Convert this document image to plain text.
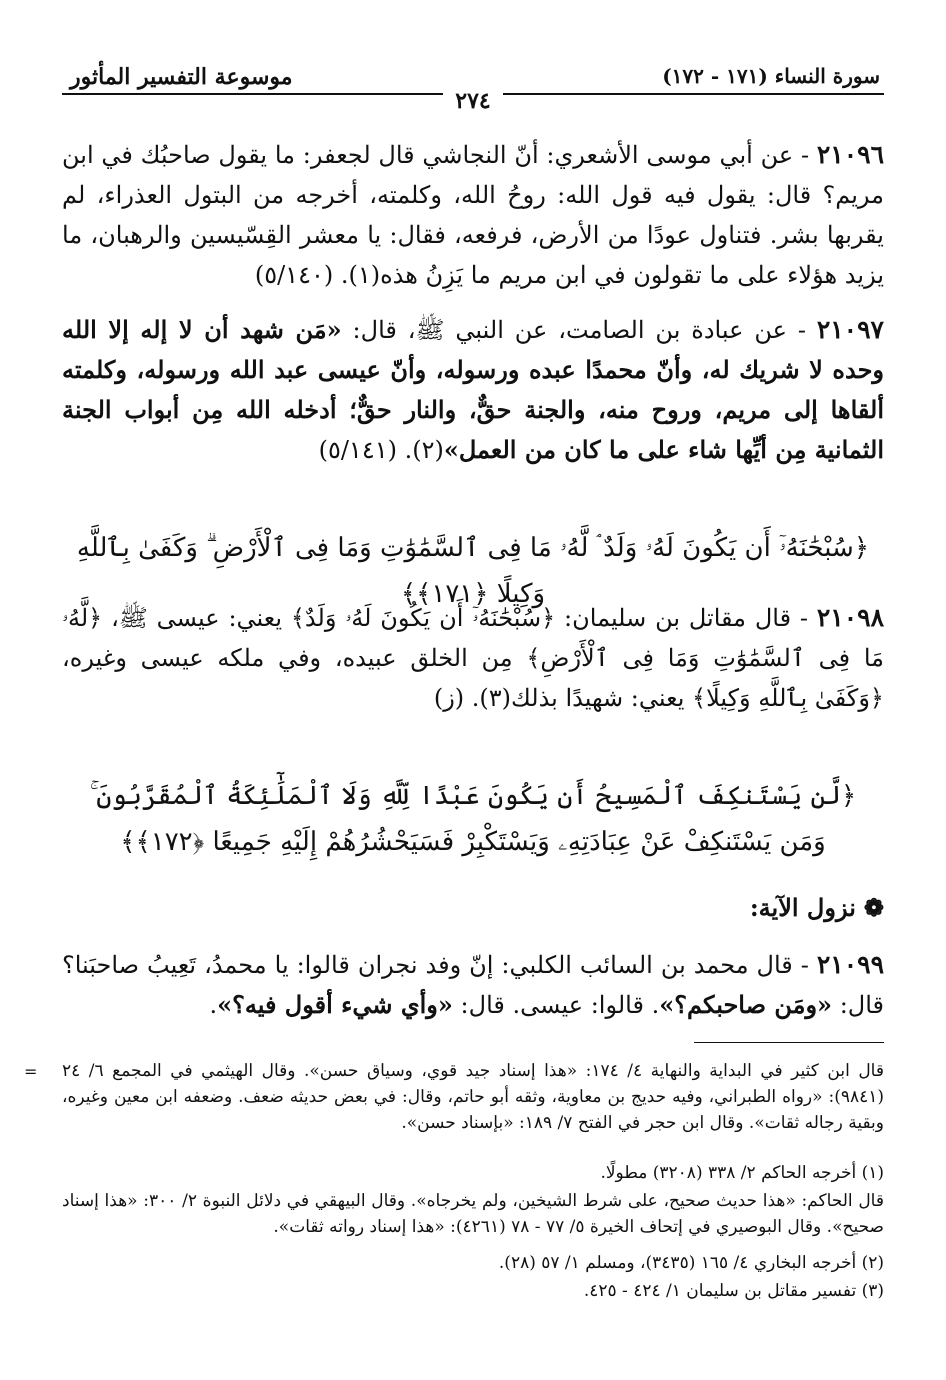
سورة النساء (١٧١ - ١٧٢)
موسوعة التفسير المأثور
٢٧٤
٢١٠٩٦ - عن أبي موسى الأشعري: أنّ النجاشي قال لجعفر: ما يقول صاحبُك في ابن مريم؟ قال: يقول فيه قول الله: روحُ الله، وكلمته، أخرجه من البتول العذراء، لم يقربها بشر. فتناول عودًا من الأرض، فرفعه، فقال: يا معشر القِسّيسين والرهبان، ما يزيد هؤلاء على ما تقولون في ابن مريم ما يَزِنُ هذه(١). (٥/١٤٠)
٢١٠٩٧ - عن عبادة بن الصامت، عن النبي ﷺ، قال: «مَن شهد أن لا إله إلا الله وحده لا شريك له، وأنّ محمدًا عبده ورسوله، وأنّ عيسى عبد الله ورسوله، وكلمته ألقاها إلى مريم، وروح منه، والجنة حقٌّ، والنار حقٌّ؛ أدخله الله مِن أبواب الجنة الثمانية مِن أيِّها شاء على ما كان من العمل»(٢). (٥/١٤١)
﴿سُبْحَٰنَهُۥٓ أَن يَكُونَ لَهُۥ وَلَدٌ ۘ لَّهُۥ مَا فِى ٱلسَّمَٰوَٰتِ وَمَا فِى ٱلْأَرْضِ ۗ وَكَفَىٰ بِٱللَّهِ وَكِيلًا ﴿١٧١﴾﴾
٢١٠٩٨ - قال مقاتل بن سليمان: ﴿سُبْحَٰنَهُۥٓ أَن يَكُونَ لَهُۥ وَلَدٌ﴾ يعني: عيسى ﷺ، ﴿لَّهُۥ مَا فِى ٱلسَّمَٰوَٰتِ وَمَا فِى ٱلْأَرْضِ﴾ مِن الخلق عبيده، وفي ملكه عيسى وغيره، ﴿وَكَفَىٰ بِٱللَّهِ وَكِيلًا﴾ يعني: شهيدًا بذلك(٣). (ز)
﴿لَّن يَسْتَنكِفَ ٱلْمَسِيحُ أَن يَكُونَ عَبْدًا لِّلَّهِ وَلَا ٱلْمَلَٰٓئِكَةُ ٱلْمُقَرَّبُونَ ۚ
وَمَن يَسْتَنكِفْ عَنْ عِبَادَتِهِۦ وَيَسْتَكْبِرْ فَسَيَحْشُرُهُمْ إِلَيْهِ جَمِيعًا ﴿١٧٢﴾﴾
❁نزول الآية:
٢١٠٩٩ - قال محمد بن السائب الكلبي: إنّ وفد نجران قالوا: يا محمدُ، تَعِيبُ صاحبَنا؟ قال: «ومَن صاحبكم؟». قالوا: عيسى. قال: «وأي شيء أقول فيه؟».
= قال ابن كثير في البداية والنهاية ٤/ ١٧٤: «هذا إسناد جيد قوي، وسياق حسن». وقال الهيثمي في المجمع ٦/ ٢٤ (٩٨٤١): «رواه الطبراني، وفيه حديج بن معاوية، وثقه أبو حاتم، وقال: في بعض حديثه ضعف. وضعفه ابن معين وغيره، وبقية رجاله ثقات». وقال ابن حجر في الفتح ٧/ ١٨٩: «بإسناد حسن».
(١) أخرجه الحاكم ٢/ ٣٣٨ (٣٢٠٨) مطولًا.
قال الحاكم: «هذا حديث صحيح، على شرط الشيخين، ولم يخرجاه». وقال البيهقي في دلائل النبوة ٢/ ٣٠٠: «هذا إسناد صحيح». وقال البوصيري في إتحاف الخيرة ٥/ ٧٧ - ٧٨ (٤٢٦١): «هذا إسناد رواته ثقات».
(٢) أخرجه البخاري ٤/ ١٦٥ (٣٤٣٥)، ومسلم ١/ ٥٧ (٢٨).
(٣) تفسير مقاتل بن سليمان ١/ ٤٢٤ - ٤٢٥.
